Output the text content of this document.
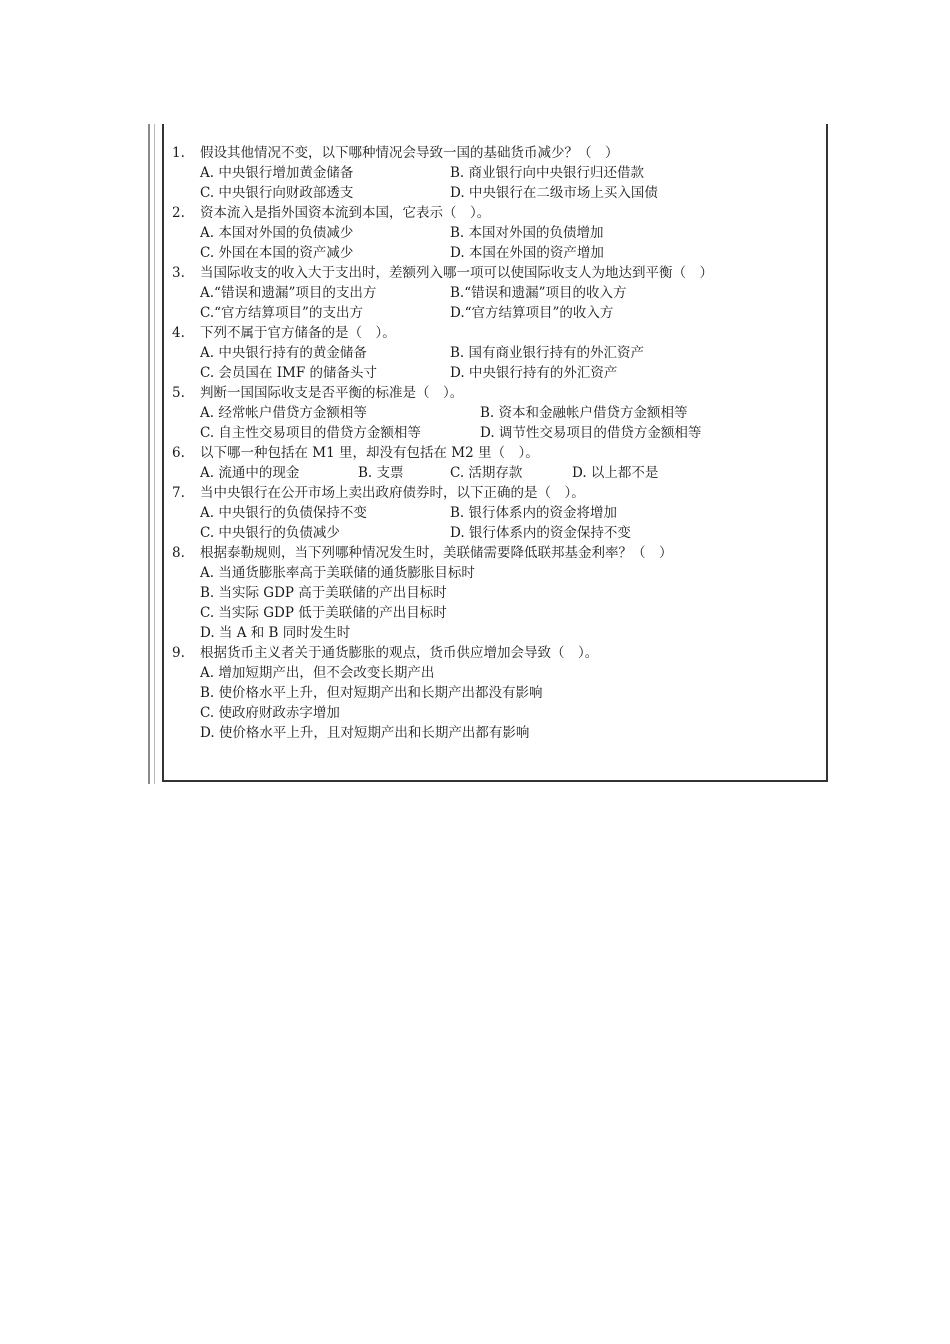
1. 假设其他情况不变，以下哪种情况会导致一国的基础货币减少？（　）
A. 中央银行增加黄金储备	B. 商业银行向中央银行归还借款
C. 中央银行向财政部透支	D. 中央银行在二级市场上买入国债
2. 资本流入是指外国资本流到本国，它表示（　）。
A. 本国对外国的负债减少	B. 本国对外国的负债增加
C. 外国在本国的资产减少	D. 本国在外国的资产增加
3. 当国际收支的收入大于支出时，差额列入哪一项可以使国际收支人为地达到平衡（　）
A.“错误和遗漏”项目的支出方	B.“错误和遗漏”项目的收入方
C.“官方结算项目”的支出方	D.“官方结算项目”的收入方
4. 下列不属于官方储备的是（　）。
A. 中央银行持有的黄金储备	B. 国有商业银行持有的外汇资产
C. 会员国在 IMF 的储备头寸	D. 中央银行持有的外汇资产
5. 判断一国国际收支是否平衡的标准是（　）。
A. 经常帐户借贷方金额相等	B. 资本和金融帐户借贷方金额相等
C. 自主性交易项目的借贷方金额相等	D. 调节性交易项目的借贷方金额相等
6. 以下哪一种包括在 M1 里，却没有包括在 M2 里（　）。
A. 流通中的现金	B. 支票	C. 活期存款	D. 以上都不是
7. 当中央银行在公开市场上卖出政府债券时，以下正确的是（　）。
A. 中央银行的负债保持不变	B. 银行体系内的资金将增加
C. 中央银行的负债减少	D. 银行体系内的资金保持不变
8. 根据泰勒规则，当下列哪种情况发生时，美联储需要降低联邦基金利率？（　）
A. 当通货膨胀率高于美联储的通货膨胀目标时
B. 当实际 GDP 高于美联储的产出目标时
C. 当实际 GDP 低于美联储的产出目标时
D. 当 A 和 B 同时发生时
9. 根据货币主义者关于通货膨胀的观点，货币供应增加会导致（　）。
A. 增加短期产出，但不会改变长期产出
B. 使价格水平上升，但对短期产出和长期产出都没有影响
C. 使政府财政赤字增加
D. 使价格水平上升，且对短期产出和长期产出都有影响
